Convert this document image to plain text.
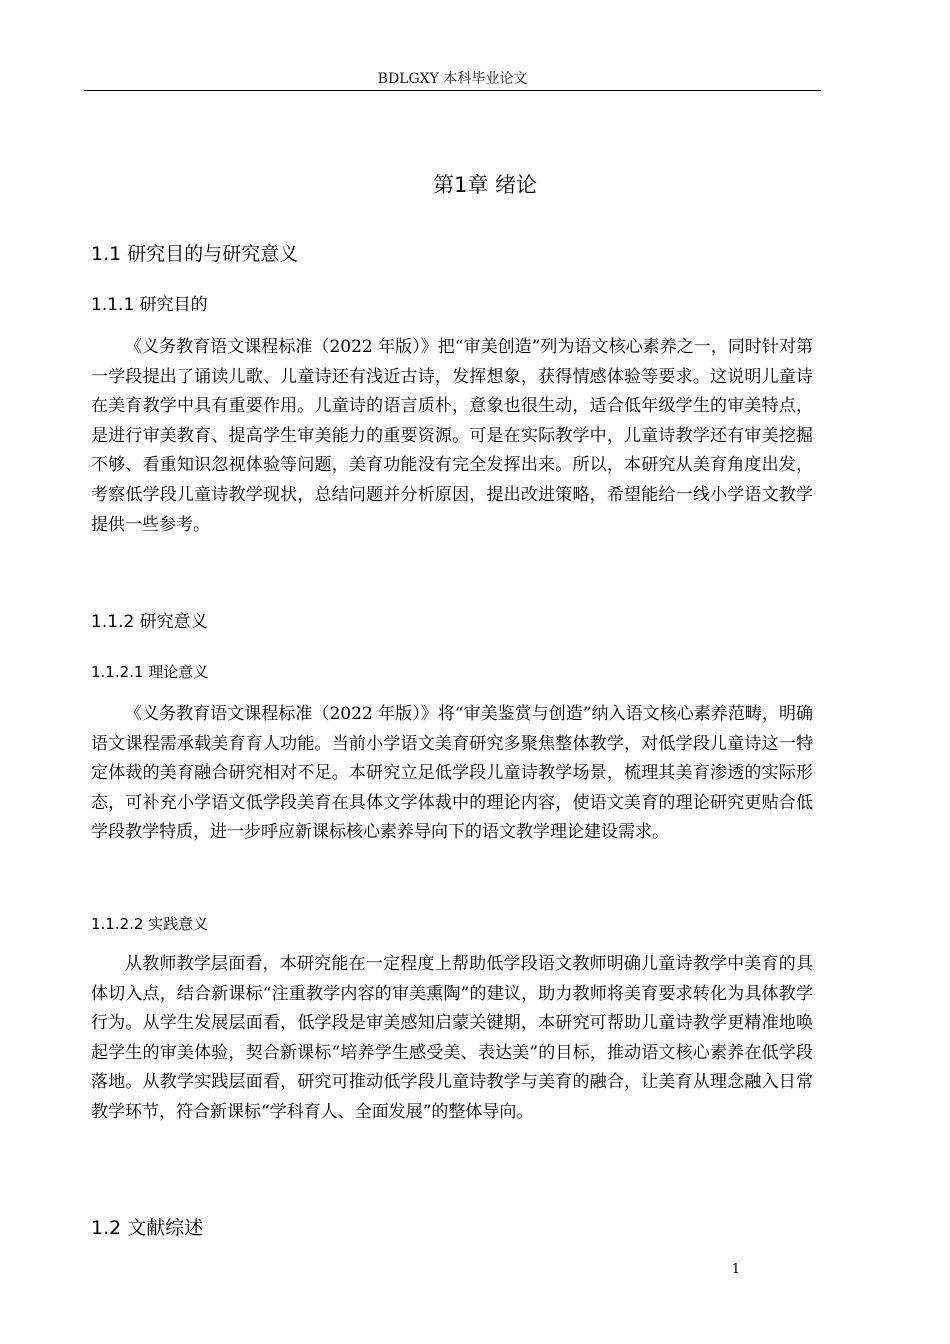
BDLGXY 本科毕业论文
第1章 绪论
1.1 研究目的与研究意义
1.1.1 研究目的

《义务教育语文课程标准（2022 年版）》把“审美创造”列为语文核心素养之一，同时针对第一学段提出了诵读儿歌、儿童诗还有浅近古诗，发挥想象，获得情感体验等要求。这说明儿童诗在美育教学中具有重要作用。儿童诗的语言质朴，意象也很生动，适合低年级学生的审美特点，是进行审美教育、提高学生审美能力的重要资源。可是在实际教学中，儿童诗教学还有审美挖掘不够、看重知识忽视体验等问题，美育功能没有完全发挥出来。所以，本研究从美育角度出发，考察低学段儿童诗教学现状，总结问题并分析原因，提出改进策略，希望能给一线小学语文教学提供一些参考。

1.1.2 研究意义
1.1.2.1 理论意义

《义务教育语文课程标准（2022 年版）》将“审美鉴赏与创造”纳入语文核心素养范畴，明确语文课程需承载美育育人功能。当前小学语文美育研究多聚焦整体教学，对低学段儿童诗这一特定体裁的美育融合研究相对不足。本研究立足低学段儿童诗教学场景，梳理其美育渗透的实际形态，可补充小学语文低学段美育在具体文学体裁中的理论内容，使语文美育的理论研究更贴合低学段教学特质，进一步呼应新课标核心素养导向下的语文教学理论建设需求。

1.1.2.2 实践意义

从教师教学层面看，本研究能在一定程度上帮助低学段语文教师明确儿童诗教学中美育的具体切入点，结合新课标“注重教学内容的审美熏陶”的建议，助力教师将美育要求转化为具体教学行为。从学生发展层面看，低学段是审美感知启蒙关键期，本研究可帮助儿童诗教学更精准地唤起学生的审美体验，契合新课标“培养学生感受美、表达美”的目标，推动语文核心素养在低学段落地。从教学实践层面看，研究可推动低学段儿童诗教学与美育的融合，让美育从理念融入日常教学环节，符合新课标“学科育人、全面发展”的整体导向。

1.2 文献综述
1
